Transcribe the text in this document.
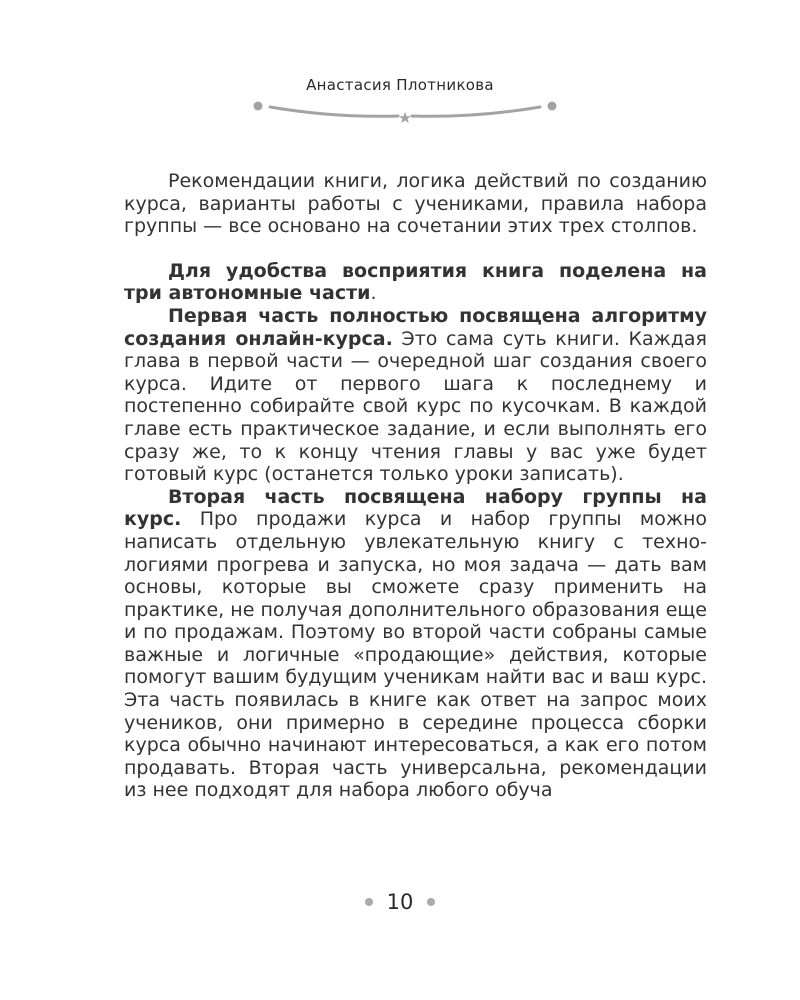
Анастасия Плотникова

Рекомендации книги, логика действий по созданию курса, варианты работы с учениками, правила набора группы — все основано на сочетании этих трех столпов.

Для удобства восприятия книга поделена на три автономные части.

Первая часть полностью посвящена алгоритму создания онлайн-курса. Это сама суть книги. Каждая глава в первой части — очередной шаг создания своего курса. Идите от первого шага к последнему и постепенно собирайте свой курс по кусочкам. В каждой главе есть практическое задание, и если выполнять его сразу же, то к концу чтения главы у вас уже будет готовый курс (останется только уроки записать).

Вторая часть посвящена набору группы на курс. Про продажи курса и набор группы можно написать отдельную увлекательную книгу с технологиями прогрева и запуска, но моя задача — дать вам основы, которые вы сможете сразу применить на практике, не получая дополнительного образования еще и по продажам. Поэтому во второй части собраны самые важные и логичные «продающие» действия, которые помогут вашим будущим ученикам найти вас и ваш курс. Эта часть появилась в книге как ответ на запрос моих учеников, они примерно в середине процесса сборки курса обычно начинают интересоваться, а как его потом продавать. Вторая часть универсальна, рекомендации из нее подходят для набора любого обуча

10
